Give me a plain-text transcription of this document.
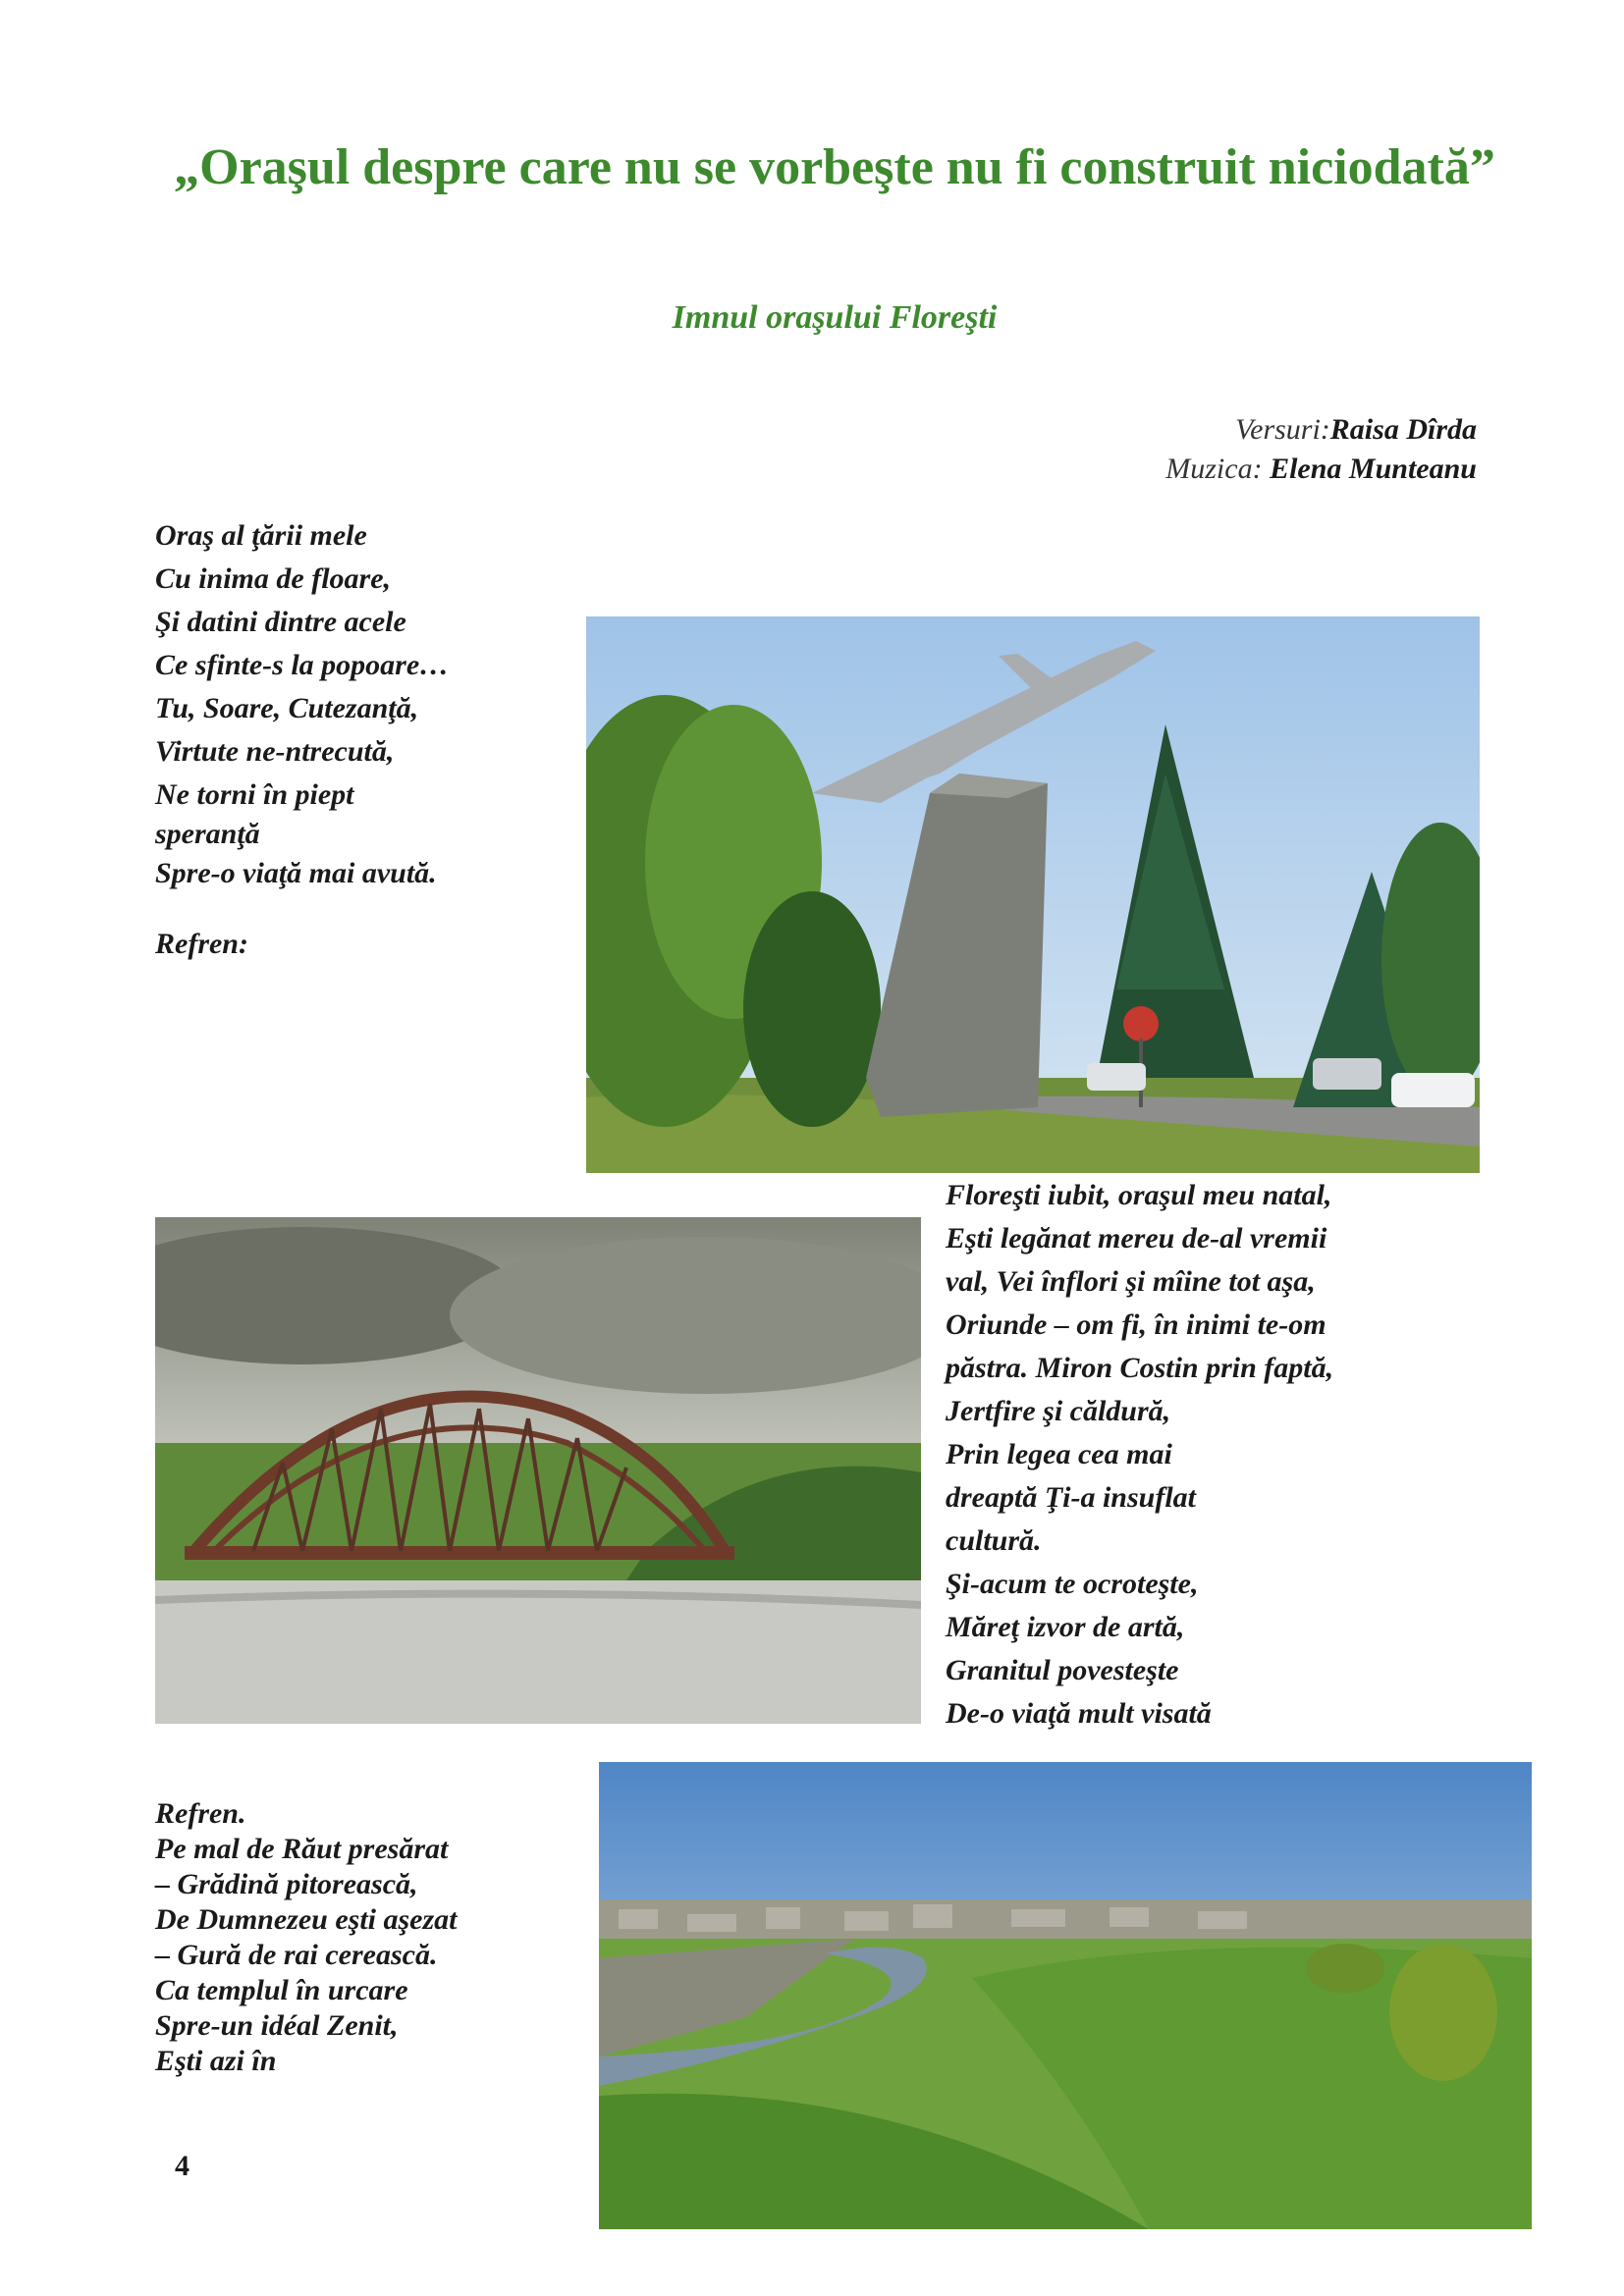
„Oraşul despre care nu se vorbeşte nu fi construit niciodată”
Imnul oraşului Floreşti
Versuri:Raisa Dîrda
Muzica: Elena Munteanu
Oraş al ţării mele
Cu inima de floare,
Şi datini dintre acele
Ce sfinte-s la popoare…
Tu, Soare, Cutezanţă,
Virtute ne-ntrecută,
Ne torni în piept
speranţă
Spre-o viaţă mai avută.
Refren:
Floreşti iubit, oraşul meu natal,
Eşti legănat mereu de-al vremii
val, Vei înflori şi mîine tot aşa,
Oriunde – om fi, în inimi te-om
păstra. Miron Costin prin faptă,
Jertfire şi căldură,
Prin legea cea mai
dreaptă Ţi-a insuflat
cultură.
Şi-acum te ocroteşte,
Măreţ izvor de artă,
Granitul povesteşte
De-o viaţă mult visată
Refren.
Pe mal de Răut presărat
– Grădină pitorească,
De Dumnezeu eşti aşezat
– Gură de rai cerească.
Ca templul în urcare
Spre-un idéal Zenit,
Eşti azi în
4
